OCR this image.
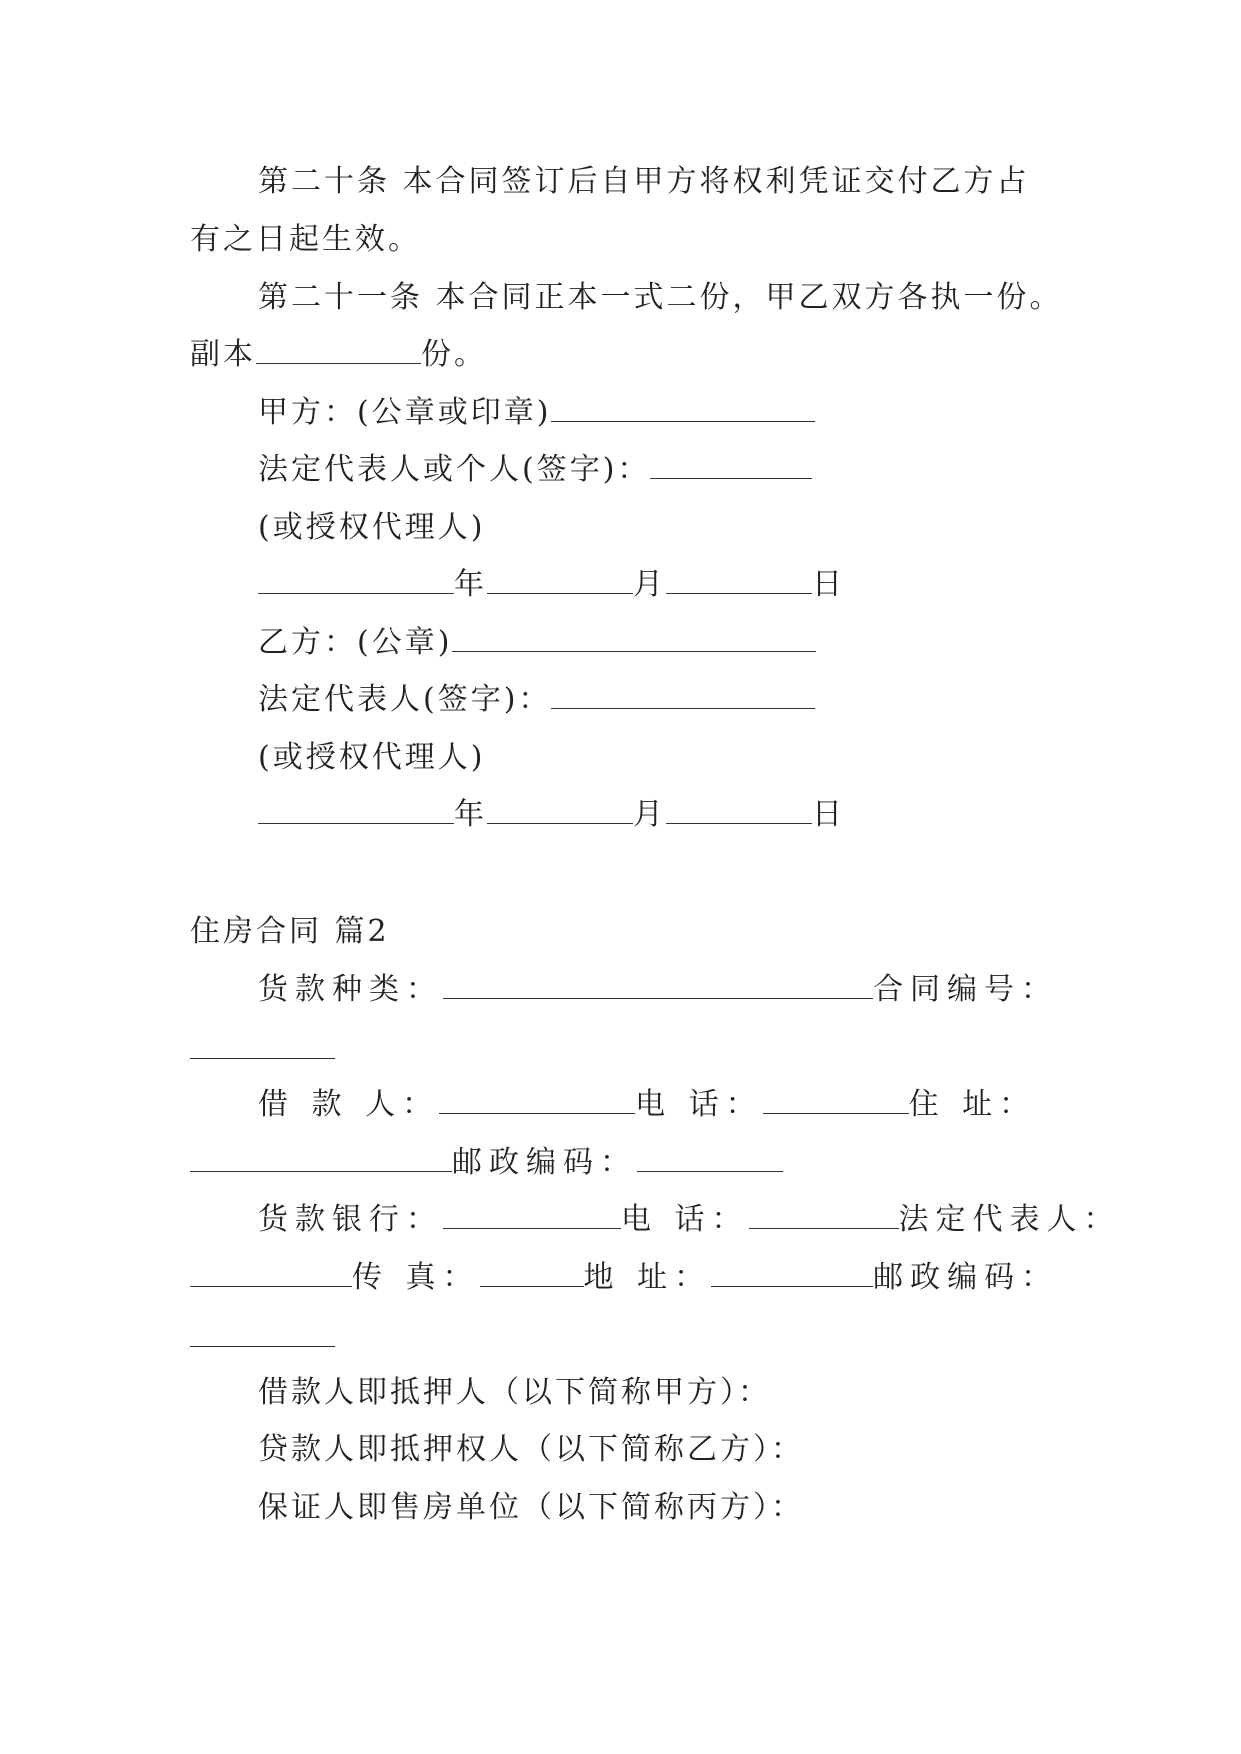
第二十条 本合同签订后自甲方将权利凭证交付乙方占
有之日起生效。
第二十一条 本合同正本一式二份，甲乙双方各执一份。
副本	份。
甲方：(公章或印章)
法定代表人或个人(签字)：
(或授权代理人)
年	月	日
乙方：(公章)
法定代表人(签字)：
(或授权代理人)
年	月	日
住房合同 篇2
货款种类：	合同编号：
借 款 人：	电 话：	住 址：
邮政编码：
货款银行：	电 话：	法定代表人：
传 真：	地 址：	邮政编码：
借款人即抵押人（以下简称甲方）：
贷款人即抵押权人（以下简称乙方）：
保证人即售房单位（以下简称丙方）：
